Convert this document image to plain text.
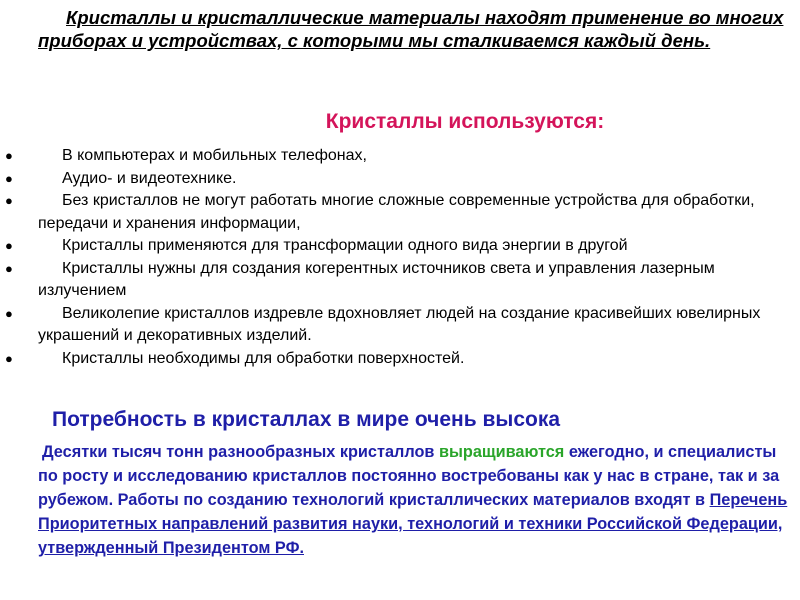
Кристаллы и кристаллические материалы находят применение во многих приборах и устройствах, с которыми мы сталкиваемся каждый день.
Кристаллы используются:
●	В компьютерах и мобильных телефонах,
●	Аудио- и видеотехнике.
●	Без кристаллов не могут работать многие сложные современные устройства для обработки, передачи и хранения информации,
●	Кристаллы применяются для трансформации одного вида энергии в другой
●	Кристаллы нужны для создания когерентных источников света и управления лазерным излучением
●	Великолепие кристаллов издревле вдохновляет людей на создание красивейших ювелирных украшений и декоративных изделий.
●	Кристаллы необходимы для обработки поверхностей.
Потребность в кристаллах в мире очень высока
Десятки тысяч тонн разнообразных кристаллов выращиваются ежегодно, и специалисты по росту и исследованию кристаллов постоянно востребованы как у нас в стране, так и за рубежом. Работы по созданию технологий кристаллических материалов входят в Перечень Приоритетных направлений развития науки, технологий и техники Российской Федерации, утвержденный Президентом РФ.
